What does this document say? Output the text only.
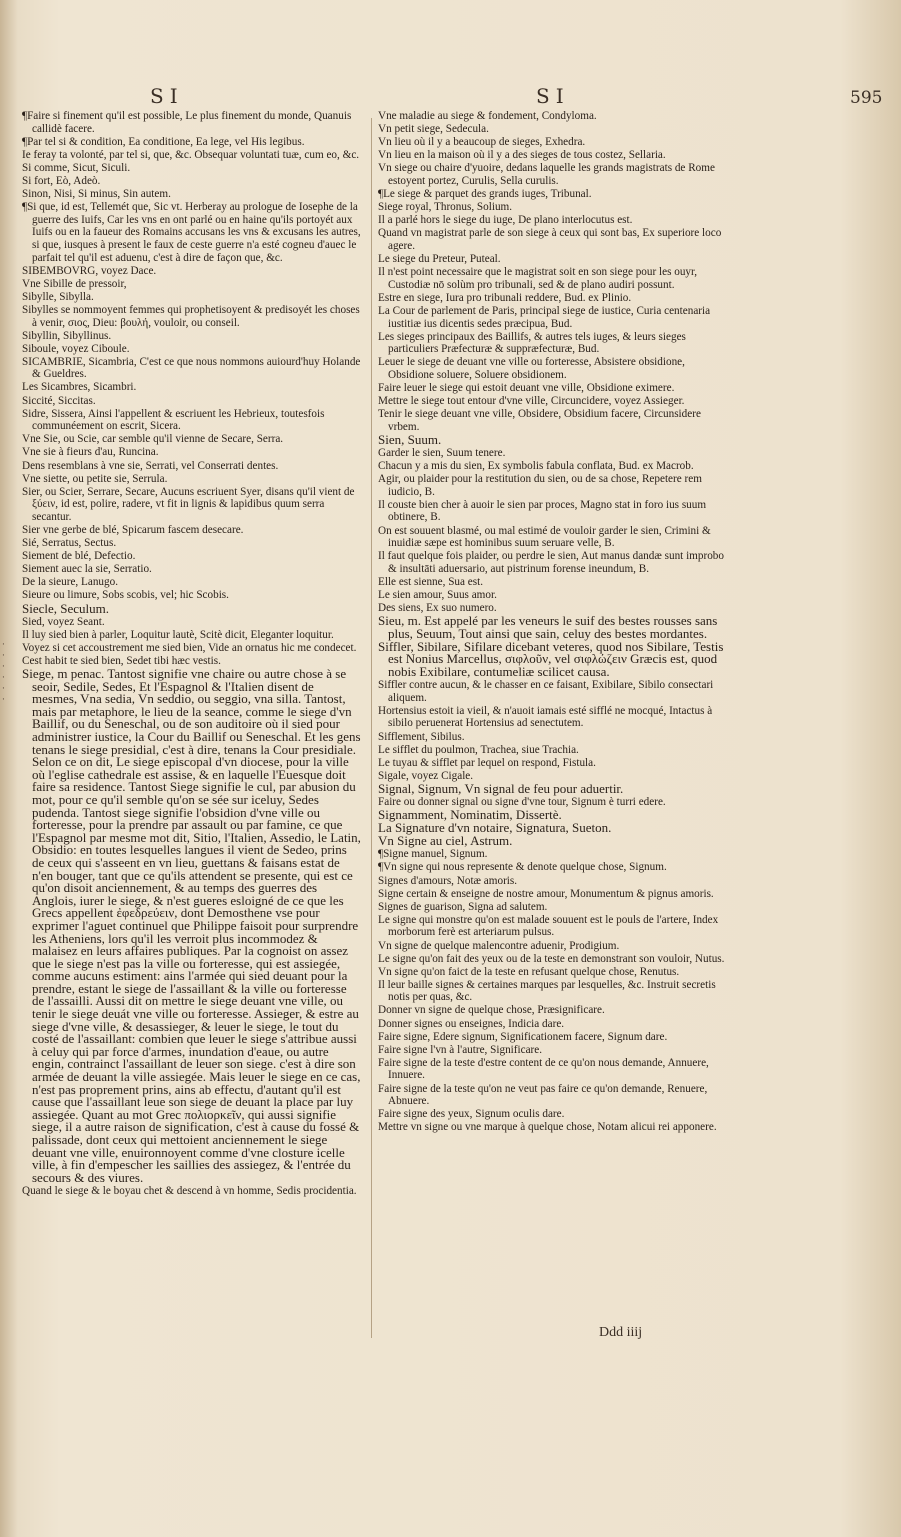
SI	SI	595
·
·
·
·
·
·
¶Faire si finement qu'il est possible, Le plus finement du monde, Quanuis callidè facere.
¶Par tel si & condition, Ea conditione, Ea lege, vel His legibus.
Ie feray ta volonté, par tel si, que, &c. Obsequar voluntati tuæ, cum eo, &c.
Si comme, Sicut, Siculi.
Si fort, Eò, Adeò.
Sinon, Nisi, Si minus, Sin autem.
¶Si que, id est, Tellemét que, Sic vt. Herberay au prologue de Iosephe de la guerre des Iuifs, Car les vns en ont parlé ou en haine qu'ils portoyét aux Iuifs ou en la faueur des Romains accusans les vns & excusans les autres, si que, iusques à present le faux de ceste guerre n'a esté cogneu d'auec le parfait tel qu'il est aduenu, c'est à dire de façon que, &c.
SIBEMBOVRG, voyez Dace.
Vne Sibille de pressoir,
Sibylle, Sibylla.
Sibylles se nommoyent femmes qui prophetisoyent & predisoyét les choses à venir, σιος, Dieu: βουλή, vouloir, ou conseil.
Sibyllin, Sibyllinus.
Siboule, voyez Ciboule.
SICAMBRIE, Sicambria, C'est ce que nous nommons auiourd'huy Holande & Gueldres.
Les Sicambres, Sicambri.
Siccité, Siccitas.
Sidre, Sissera, Ainsi l'appellent & escriuent les Hebrieux, toutesfois communéement on escrit, Sicera.
Vne Sie, ou Scie, car semble qu'il vienne de Secare, Serra.
Vne sie à fieurs d'au, Runcina.
Dens resemblans à vne sie, Serrati, vel Conserrati dentes.
Vne siette, ou petite sie, Serrula.
Sier, ou Scier, Serrare, Secare, Aucuns escriuent Syer, disans qu'il vient de ξύειν, id est, polire, radere, vt fit in lignis & lapidibus quum serra secantur.
Sier vne gerbe de blé, Spicarum fascem desecare.
Sié, Serratus, Sectus.
Siement de blé, Defectio.
Siement auec la sie, Serratio.
De la sieure, Lanugo.
Sieure ou limure, Sobs scobis, vel; hic Scobis.
Siecle, Seculum.
Sied, voyez Seant.
Il luy sied bien à parler, Loquitur lautè, Scitè dicit, Eleganter loquitur.
Voyez si cet accoustrement me sied bien, Vide an ornatus hic me condecet.
Cest habit te sied bien, Sedet tibi hæc vestis.
Siege, m penac. Tantost signifie vne chaire ou autre chose à se seoir, Sedile, Sedes, Et l'Espagnol & l'Italien disent de mesmes, Vna sedia, Vn seddio, ou seggio, vna silla. Tantost, mais par metaphore, le lieu de la seance, comme le siege d'vn Baillif, ou du Seneschal, ou de son auditoire où il sied pour administrer iustice, la Cour du Baillif ou Seneschal. Et les gens tenans le siege presidial, c'est à dire, tenans la Cour presidiale. Selon ce on dit, Le siege episcopal d'vn diocese, pour la ville où l'eglise cathedrale est assise, & en laquelle l'Euesque doit faire sa residence. Tantost Siege signifie le cul, par abusion du mot, pour ce qu'il semble qu'on se sée sur iceluy, Sedes pudenda. Tantost siege signifie l'obsidion d'vne ville ou forteresse, pour la prendre par assault ou par famine, ce que l'Espagnol par mesme mot dit, Sitio, l'Italien, Assedio, le Latin, Obsidio: en toutes lesquelles langues il vient de Sedeo, prins de ceux qui s'asseent en vn lieu, guettans & faisans estat de n'en bouger, tant que ce qu'ils attendent se presente, qui est ce qu'on disoit anciennement, & au temps des guerres des Anglois, iurer le siege, & n'est gueres esloigné de ce que les Grecs appellent ἐφεδρεύειν, dont Demosthene vse pour exprimer l'aguet continuel que Philippe faisoit pour surprendre les Atheniens, lors qu'il les verroit plus incommodez & malaisez en leurs affaires publiques. Par la cognoist on assez que le siege n'est pas la ville ou forteresse, qui est assiegée, comme aucuns estiment: ains l'armée qui sied deuant pour la prendre, estant le siege de l'assaillant & la ville ou forteresse de l'assailli. Aussi dit on mettre le siege deuant vne ville, ou tenir le siege deuát vne ville ou forteresse. Assieger, & estre au siege d'vne ville, & desassieger, & leuer le siege, le tout du costé de l'assaillant: combien que leuer le siege s'attribue aussi à celuy qui par force d'armes, inundation d'eaue, ou autre engin, contrainct l'assaillant de leuer son siege. c'est à dire son armée de deuant la ville assiegée. Mais leuer le siege en ce cas, n'est pas proprement prins, ains ab effectu, d'autant qu'il est cause que l'assaillant leue son siege de deuant la place par luy assiegée. Quant au mot Grec πολιορκεῖν, qui aussi signifie siege, il a autre raison de signification, c'est à cause du fossé & palissade, dont ceux qui mettoient anciennement le siege deuant vne ville, enuironnoyent comme d'vne closture icelle ville, à fin d'empescher les saillies des assiegez, & l'entrée du secours & des viures.
Quand le siege & le boyau chet & descend à vn homme, Sedis procidentia.
Vne maladie au siege & fondement, Condyloma.
Vn petit siege, Sedecula.
Vn lieu où il y a beaucoup de sieges, Exhedra.
Vn lieu en la maison où il y a des sieges de tous costez, Sellaria.
Vn siege ou chaire d'yuoire, dedans laquelle les grands magistrats de Rome estoyent portez, Curulis, Sella curulis.
¶Le siege & parquet des grands iuges, Tribunal.
Siege royal, Thronus, Solium.
Il a parlé hors le siege du iuge, De plano interlocutus est.
Quand vn magistrat parle de son siege à ceux qui sont bas, Ex superiore loco agere.
Le siege du Preteur, Puteal.
Il n'est point necessaire que le magistrat soit en son siege pour les ouyr, Custodiæ nō solùm pro tribunali, sed & de plano audiri possunt.
Estre en siege, Iura pro tribunali reddere, Bud. ex Plinio.
La Cour de parlement de Paris, principal siege de iustice, Curia centenaria iustitiæ ius dicentis sedes præcipua, Bud.
Les sieges principaux des Baillifs, & autres tels iuges, & leurs sieges particuliers Præfecturæ & suppræfecturæ, Bud.
Leuer le siege de deuant vne ville ou forteresse, Absistere obsidione, Obsidione soluere, Soluere obsidionem.
Faire leuer le siege qui estoit deuant vne ville, Obsidione eximere.
Mettre le siege tout entour d'vne ville, Circuncidere, voyez Assieger.
Tenir le siege deuant vne ville, Obsidere, Obsidium facere, Circunsidere vrbem.
Sien, Suum.
Garder le sien, Suum tenere.
Chacun y a mis du sien, Ex symbolis fabula conflata, Bud. ex Macrob.
Agir, ou plaider pour la restitution du sien, ou de sa chose, Repetere rem iudicio, B.
Il couste bien cher à auoir le sien par proces, Magno stat in foro ius suum obtinere, B.
On est souuent blasmé, ou mal estimé de vouloir garder le sien, Crimini & inuidiæ sæpe est hominibus suum seruare velle, B.
Il faut quelque fois plaider, ou perdre le sien, Aut manus dandæ sunt improbo & insultāti aduersario, aut pistrinum forense ineundum, B.
Elle est sienne, Sua est.
Le sien amour, Suus amor.
Des siens, Ex suo numero.
Sieu, m. Est appelé par les veneurs le suif des bestes rousses sans plus, Seuum, Tout ainsi que sain, celuy des bestes mordantes.
Siffler, Sibilare, Sifilare dicebant veteres, quod nos Sibilare, Testis est Nonius Marcellus, σιφλοῦν, vel σιφλώζειν Græcis est, quod nobis Exibilare, contumeliæ scilicet causa.
Siffler contre aucun, & le chasser en ce faisant, Exibilare, Sibilo consectari aliquem.
Hortensius estoit ia vieil, & n'auoit iamais esté sifflé ne mocqué, Intactus à sibilo peruenerat Hortensius ad senectutem.
Sifflement, Sibilus.
Le sifflet du poulmon, Trachea, siue Trachia.
Le tuyau & sifflet par lequel on respond, Fistula.
Sigale, voyez Cigale.
Signal, Signum, Vn signal de feu pour aduertir.
Faire ou donner signal ou signe d'vne tour, Signum è turri edere.
Signamment, Nominatim, Dissertè.
La Signature d'vn notaire, Signatura, Sueton.
Vn Signe au ciel, Astrum.
¶Signe manuel, Signum.
¶Vn signe qui nous represente & denote quelque chose, Signum.
Signes d'amours, Notæ amoris.
Signe certain & enseigne de nostre amour, Monumentum & pignus amoris.
Signes de guarison, Signa ad salutem.
Le signe qui monstre qu'on est malade souuent est le pouls de l'artere, Index morborum ferè est arteriarum pulsus.
Vn signe de quelque malencontre aduenir, Prodigium.
Le signe qu'on fait des yeux ou de la teste en demonstrant son vouloir, Nutus.
Vn signe qu'on faict de la teste en refusant quelque chose, Renutus.
Il leur baille signes & certaines marques par lesquelles, &c. Instruit secretis notis per quas, &c.
Donner vn signe de quelque chose, Præsignificare.
Donner signes ou enseignes, Indicia dare.
Faire signe, Edere signum, Significationem facere, Signum dare.
Faire signe l'vn à l'autre, Significare.
Faire signe de la teste d'estre content de ce qu'on nous demande, Annuere, Innuere.
Faire signe de la teste qu'on ne veut pas faire ce qu'on demande, Renuere, Abnuere.
Faire signe des yeux, Signum oculis dare.
Mettre vn signe ou vne marque à quelque chose, Notam alicui rei apponere.
Ddd iiij
